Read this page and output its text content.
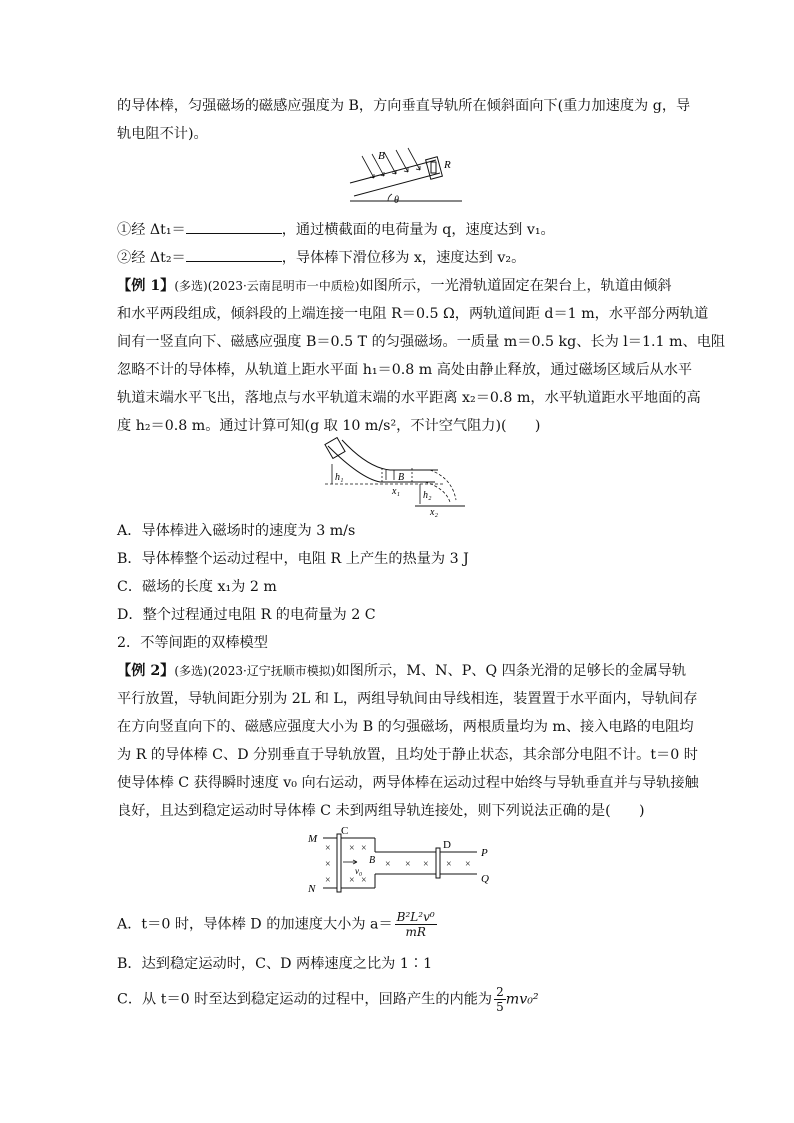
的导体棒，匀强磁场的磁感应强度为 B，方向垂直导轨所在倾斜面向下(重力加速度为 g，导
轨电阻不计)。
B
R
θ
①经 Δt₁＝	，通过横截面的电荷量为 q，速度达到 v₁。
②经 Δt₂＝	，导体棒下滑位移为 x，速度达到 v₂。
【例 1】(多选)(2023·云南昆明市一中质检)如图所示，一光滑轨道固定在架台上，轨道由倾斜
和水平两段组成，倾斜段的上端连接一电阻 R＝0.5 Ω，两轨道间距 d＝1 m，水平部分两轨道
间有一竖直向下、磁感应强度 B＝0.5 T 的匀强磁场。一质量 m＝0.5 kg、长为 l＝1.1 m、电阻
忽略不计的导体棒，从轨道上距水平面 h₁＝0.8 m 高处由静止释放，通过磁场区域后从水平
轨道末端水平飞出，落地点与水平轨道末端的水平距离 x₂＝0.8 m，水平轨道距水平地面的高
度 h₂＝0.8 m。通过计算可知(g 取 10 m/s²，不计空气阻力)(　　)
h₁	B
x₁ h₂
x₂
A．导体棒进入磁场时的速度为 3 m/s
B．导体棒整个运动过程中，电阻 R 上产生的热量为 3 J
C．磁场的长度 x₁为 2 m
D．整个过程通过电阻 R 的电荷量为 2 C
2．不等间距的双棒模型
【例 2】(多选)(2023·辽宁抚顺市模拟)如图所示，M、N、P、Q 四条光滑的足够长的金属导轨
平行放置，导轨间距分别为 2L 和 L，两组导轨间由导线相连，装置置于水平面内，导轨间存
在方向竖直向下的、磁感应强度大小为 B 的匀强磁场，两根质量均为 m、接入电路的电阻均
为 R 的导体棒 C、D 分别垂直于导轨放置，且均处于静止状态，其余部分电阻不计。t＝0 时
使导体棒 C 获得瞬时速度 v₀ 向右运动，两导体棒在运动过程中始终与导轨垂直并与导轨接触
良好，且达到稳定运动时导体棒 C 未到两组导轨连接处，则下列说法正确的是(　　)
M
N
C
D
P
Q
B
v₀
×
×
×
×
×
×
×
× × × × ×
A．t＝0 时，导体棒 D 的加速度大小为 $a= \frac{\text{B²L²v⁰}}{mR}$
B．达到稳定运动时，C、D 两棒速度之比为 1∶1
C．从 t＝0 时至达到稳定运动的过程中，回路产生的内能为 $\frac{2}{5} mv_0^2$
